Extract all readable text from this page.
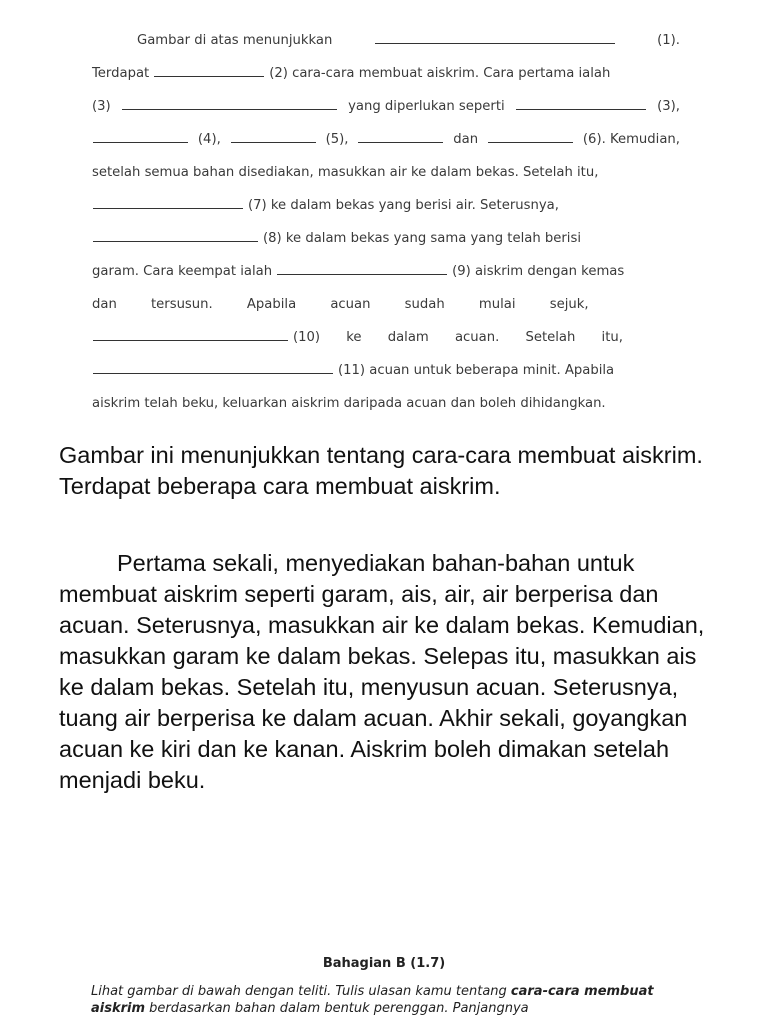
Gambar di atas menunjukkan	(1).
Terdapat	(2) cara-cara membuat aiskrim. Cara pertama ialah
(3)	yang diperlukan seperti	(3),
(4),	(5),	dan	(6). Kemudian,
setelah semua bahan disediakan, masukkan air ke dalam bekas. Setelah itu,
(7) ke dalam bekas yang berisi air. Seterusnya,
(8) ke dalam bekas yang sama yang telah berisi
garam. Cara keempat ialah	(9) aiskrim dengan kemas
dan tersusun. Apabila acuan sudah mulai sejuk,
(10) ke dalam acuan. Setelah itu,
(11) acuan untuk beberapa minit. Apabila
aiskrim telah beku, keluarkan aiskrim daripada acuan dan boleh dihidangkan.

Gambar ini menunjukkan tentang cara-cara membuat aiskrim. Terdapat beberapa cara membuat aiskrim.

Pertama sekali, menyediakan bahan-bahan untuk membuat aiskrim seperti garam, ais, air, air berperisa dan acuan. Seterusnya, masukkan air ke dalam bekas. Kemudian, masukkan garam ke dalam bekas. Selepas itu, masukkan ais ke dalam bekas. Setelah itu, menyusun acuan. Seterusnya, tuang air berperisa ke dalam acuan. Akhir sekali, goyangkan acuan ke kiri dan ke kanan. Aiskrim boleh dimakan setelah menjadi beku.

Bahagian B (1.7)
Lihat gambar di bawah dengan teliti. Tulis ulasan kamu tentang cara-cara membuat aiskrim berdasarkan bahan dalam bentuk perenggan. Panjangnya
